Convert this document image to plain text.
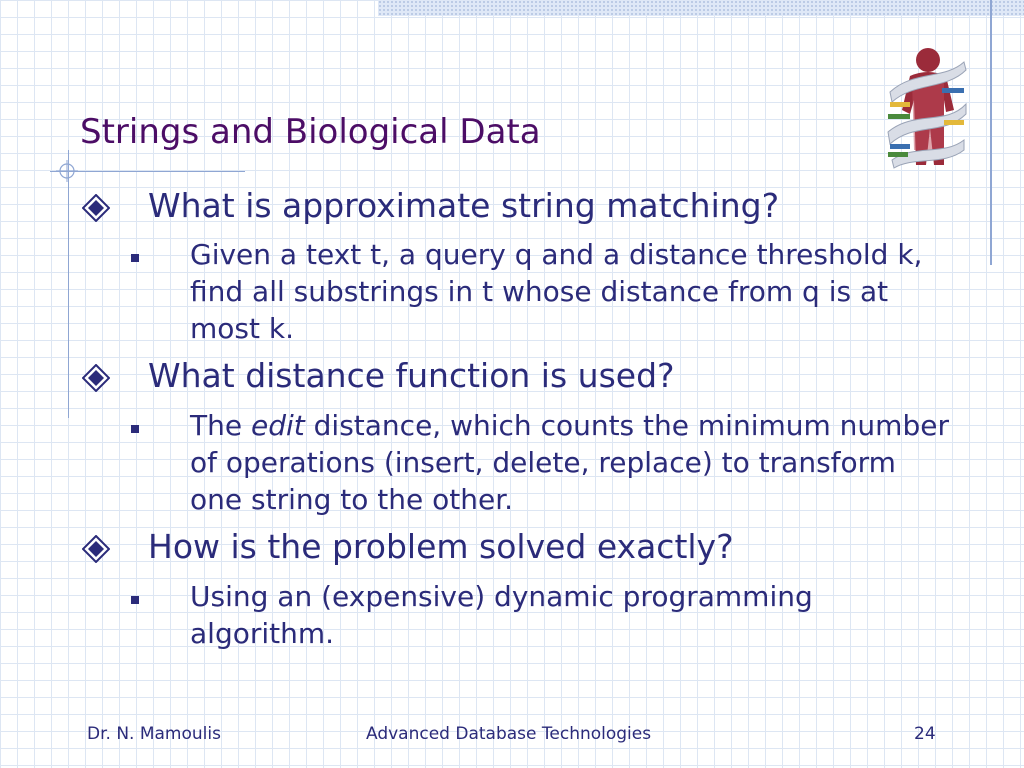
Strings and Biological Data
What is approximate string matching?
Given a text t, a query q and a distance threshold k, find all substrings in t whose distance from q is at most k.
What distance function is used?
The edit distance, which counts the minimum number of operations (insert, delete, replace) to transform one string to the other.
How is the problem solved exactly?
Using an (expensive) dynamic programming algorithm.
Dr. N. Mamoulis	Advanced Database Technologies	24
